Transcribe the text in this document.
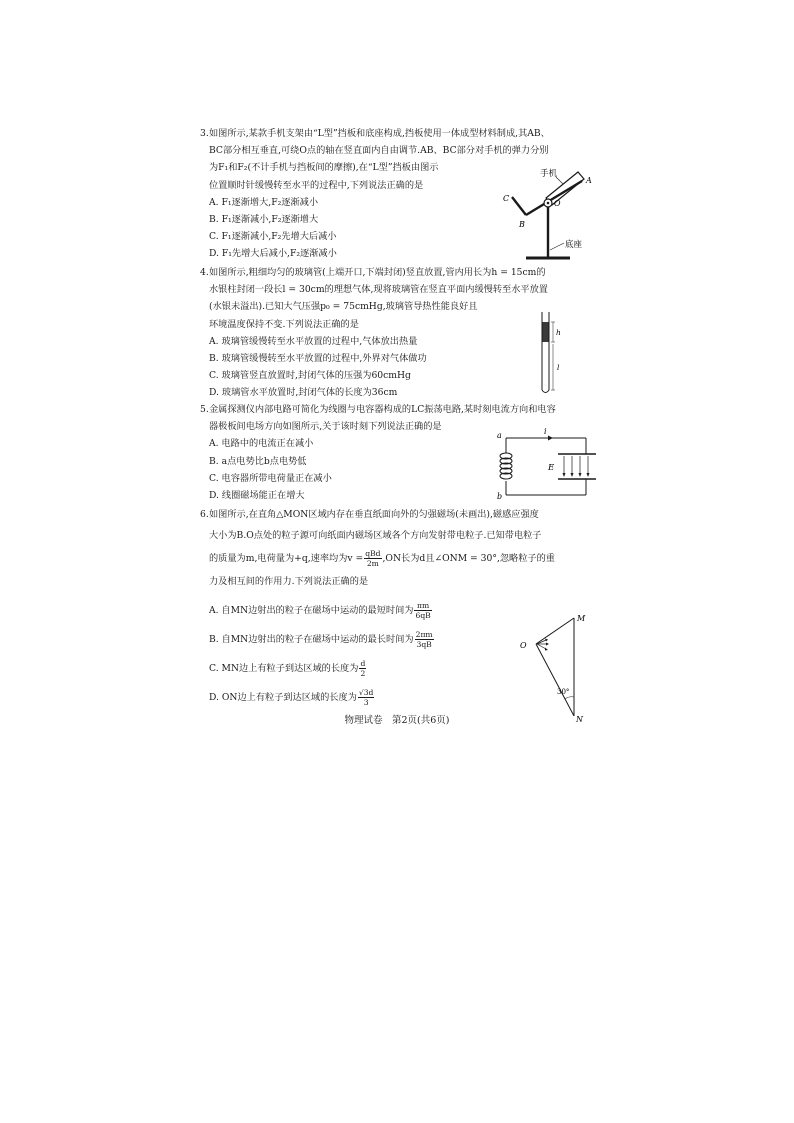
3.如图所示,某款手机支架由“L型”挡板和底座构成,挡板使用一体成型材料制成,其AB、
BC部分相互垂直,可绕O点的轴在竖直面内自由调节.AB、BC部分对手机的弹力分别
为F₁和F₂(不计手机与挡板间的摩擦),在“L型”挡板由图示
位置顺时针缓慢转至水平的过程中,下列说法正确的是
A. F₁逐渐增大,F₂逐渐减小
B. F₁逐渐减小,F₂逐渐增大
C. F₁逐渐减小,F₂先增大后减小
D. F₁先增大后减小,F₂逐渐减小
手机
A
C
B
O
底座
4.如图所示,粗细均匀的玻璃管(上端开口,下端封闭)竖直放置,管内用长为h = 15cm的
水银柱封闭一段长l = 30cm的理想气体,现将玻璃管在竖直平面内缓慢转至水平放置
(水银未溢出).已知大气压强p₀ = 75cmHg,玻璃管导热性能良好且
环境温度保持不变.下列说法正确的是
A. 玻璃管缓慢转至水平放置的过程中,气体放出热量
B. 玻璃管缓慢转至水平放置的过程中,外界对气体做功
C. 玻璃管竖直放置时,封闭气体的压强为60cmHg
D. 玻璃管水平放置时,封闭气体的长度为36cm
h
l
5.金属探测仪内部电路可简化为线圈与电容器构成的LC振荡电路,某时刻电流方向和电容
器极板间电场方向如图所示,关于该时刻下列说法正确的是
A. 电路中的电流正在减小
B. a点电势比b点电势低
C. 电容器所带电荷量正在减小
D. 线圈磁场能正在增大
a
b
i
E
6.如图所示,在直角△MON区域内存在垂直纸面向外的匀强磁场(未画出),磁感应强度
大小为B.O点处的粒子源可向纸面内磁场区域各个方向发射带电粒子.已知带电粒子
的质量为m,电荷量为+q,速率均为$v = \frac{\text{qBd}}{2m} ,ON$长为d且∠ONM = 30°,忽略粒子的重
力及相互间的作用力.下列说法正确的是
A. 自MN边射出的粒子在磁场中运动的最短时间为 $\frac{\pi m}{6qB}$
B. 自MN边射出的粒子在磁场中运动的最长时间为 $\frac{2\pi m}{3qB}$
C. MN边上有粒子到达区域的长度为 $\frac{d}{2}$
D. ON边上有粒子到达区域的长度为 $\frac{√3d}{3}$
O
M
N
30°
物理试卷　第2页(共6页)
